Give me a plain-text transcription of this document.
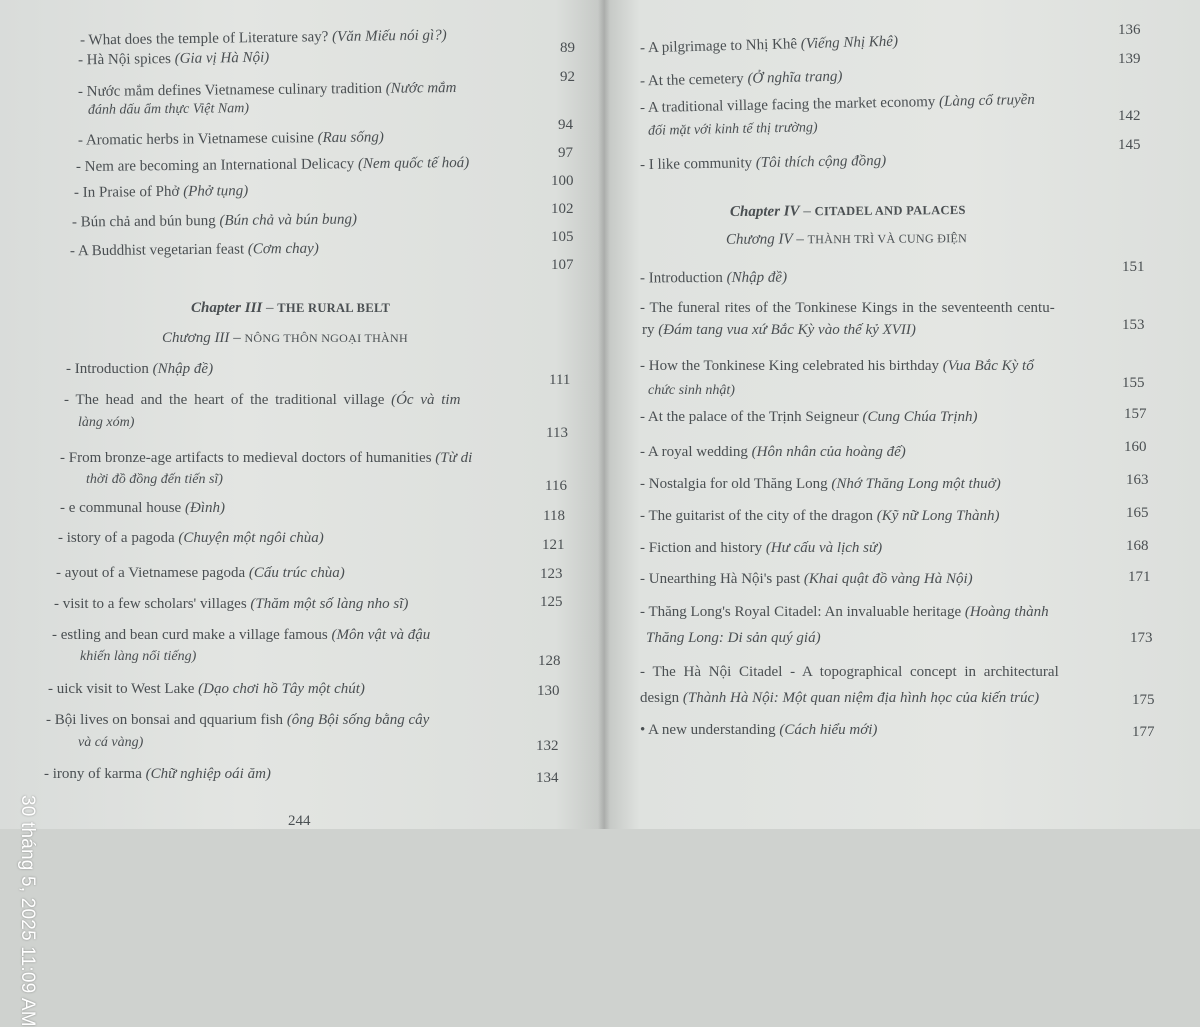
- What does the temple of Literature say? (Văn Miếu nói gì?)
89
- Hà Nội spices (Gia vị Hà Nội)
92
- Nước mắm defines Vietnamese culinary tradition (Nước mắm
đánh dấu ẩm thực Việt Nam)
94
- Aromatic herbs in Vietnamese cuisine (Rau sống)
97
- Nem are becoming an International Delicacy (Nem quốc tế hoá)
100
- In Praise of Phở (Phở tụng)
102
- Bún chả and bún bung (Bún chả và bún bung)
105
- A Buddhist vegetarian feast (Cơm chay)
107
Chapter III – THE RURAL BELT
Chương III – NÔNG THÔN NGOẠI THÀNH
- Introduction (Nhập đề)
111
- The head and the heart of the traditional village (Óc và tim
làng xóm)
113
- From bronze-age artifacts to medieval doctors of humanities (Từ di
thời đồ đồng đến tiến sĩ)	116
- e communal house (Đình)	118
- istory of a pagoda (Chuyện một ngôi chùa)	121
- ayout of a Vietnamese pagoda (Cấu trúc chùa)	123
- visit to a few scholars' villages (Thăm một số làng nho sĩ)	125
- estling and bean curd make a village famous (Môn vật và đậu
khiến làng nổi tiếng)	128
- uick visit to West Lake (Dạo chơi hồ Tây một chút)	130
- Bội lives on bonsai and qquarium fish (ông Bội sống bằng cây
và cá vàng)	132
- irony of karma (Chữ nghiệp oái ăm)	134
244
- A pilgrimage to Nhị Khê (Viếng Nhị Khê)
136
- At the cemetery (Ở nghĩa trang)
139
- A traditional village facing the market economy (Làng cổ truyền
đối mặt với kinh tế thị trường)
142
- I like community (Tôi thích cộng đồng)
145
Chapter IV – CITADEL AND PALACES
Chương IV – THÀNH TRÌ VÀ CUNG ĐIỆN
- Introduction (Nhập đề)
151
- The funeral rites of the Tonkinese Kings in the seventeenth centu-
ry (Đám tang vua xứ Bắc Kỳ vào thế kỷ XVII)	153
- How the Tonkinese King celebrated his birthday (Vua Bắc Kỳ tổ
chức sinh nhật)	155
- At the palace of the Trịnh Seigneur (Cung Chúa Trịnh)	157
- A royal wedding (Hôn nhân của hoàng đế)	160
- Nostalgia for old Thăng Long (Nhớ Thăng Long một thuở)	163
- The guitarist of the city of the dragon (Kỹ nữ Long Thành)	165
- Fiction and history (Hư cấu và lịch sử)	168
- Unearthing Hà Nội's past (Khai quật đồ vàng Hà Nội)	171
- Thăng Long's Royal Citadel: An invaluable heritage (Hoàng thành
Thăng Long: Di sản quý giá)	173
- The Hà Nội Citadel - A topographical concept in architectural
design (Thành Hà Nội: Một quan niệm địa hình học của kiến trúc)	175
• A new understanding (Cách hiểu mới)	177
30 tháng 5, 2025 11:09 AM
